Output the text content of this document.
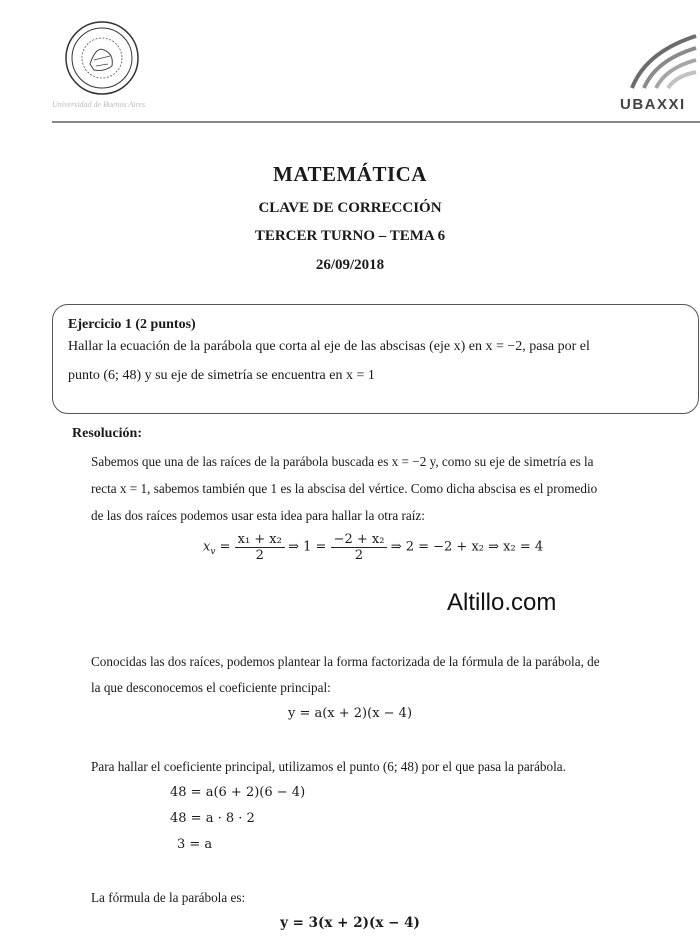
Universidad de Buenos Aires	UBAXXI
MATEMÁTICA
CLAVE DE CORRECCIÓN
TERCER TURNO – TEMA 6
26/09/2018
Ejercicio 1 (2 puntos)
Hallar la ecuación de la parábola que corta al eje de las abscisas (eje x) en x = −2, pasa por el
punto (6; 48) y su eje de simetría se encuentra en x = 1
Resolución:
Sabemos que una de las raíces de la parábola buscada es x = −2 y, como su eje de simetría es la
recta x = 1, sabemos también que 1 es la abscisa del vértice. Como dicha abscisa es el promedio
de las dos raíces podemos usar esta idea para hallar la otra raíz:
$x_v = \frac{\text{x₁ + x₂}}{2}$ ⇒ $1 = \frac{\text{−2 + x₂}}{2}$ ⇒ 2 = −2 + x₂ ⇒ x₂ = 4
Altillo.com
Conocidas las dos raíces, podemos plantear la forma factorizada de la fórmula de la parábola, de
la que desconocemos el coeficiente principal:
y = a(x + 2)(x − 4)
Para hallar el coeficiente principal, utilizamos el punto (6; 48) por el que pasa la parábola.
48 = a(6 + 2)(6 − 4)
48 = a · 8 · 2
3 = a
La fórmula de la parábola es:
y = 3(x + 2)(x − 4)
